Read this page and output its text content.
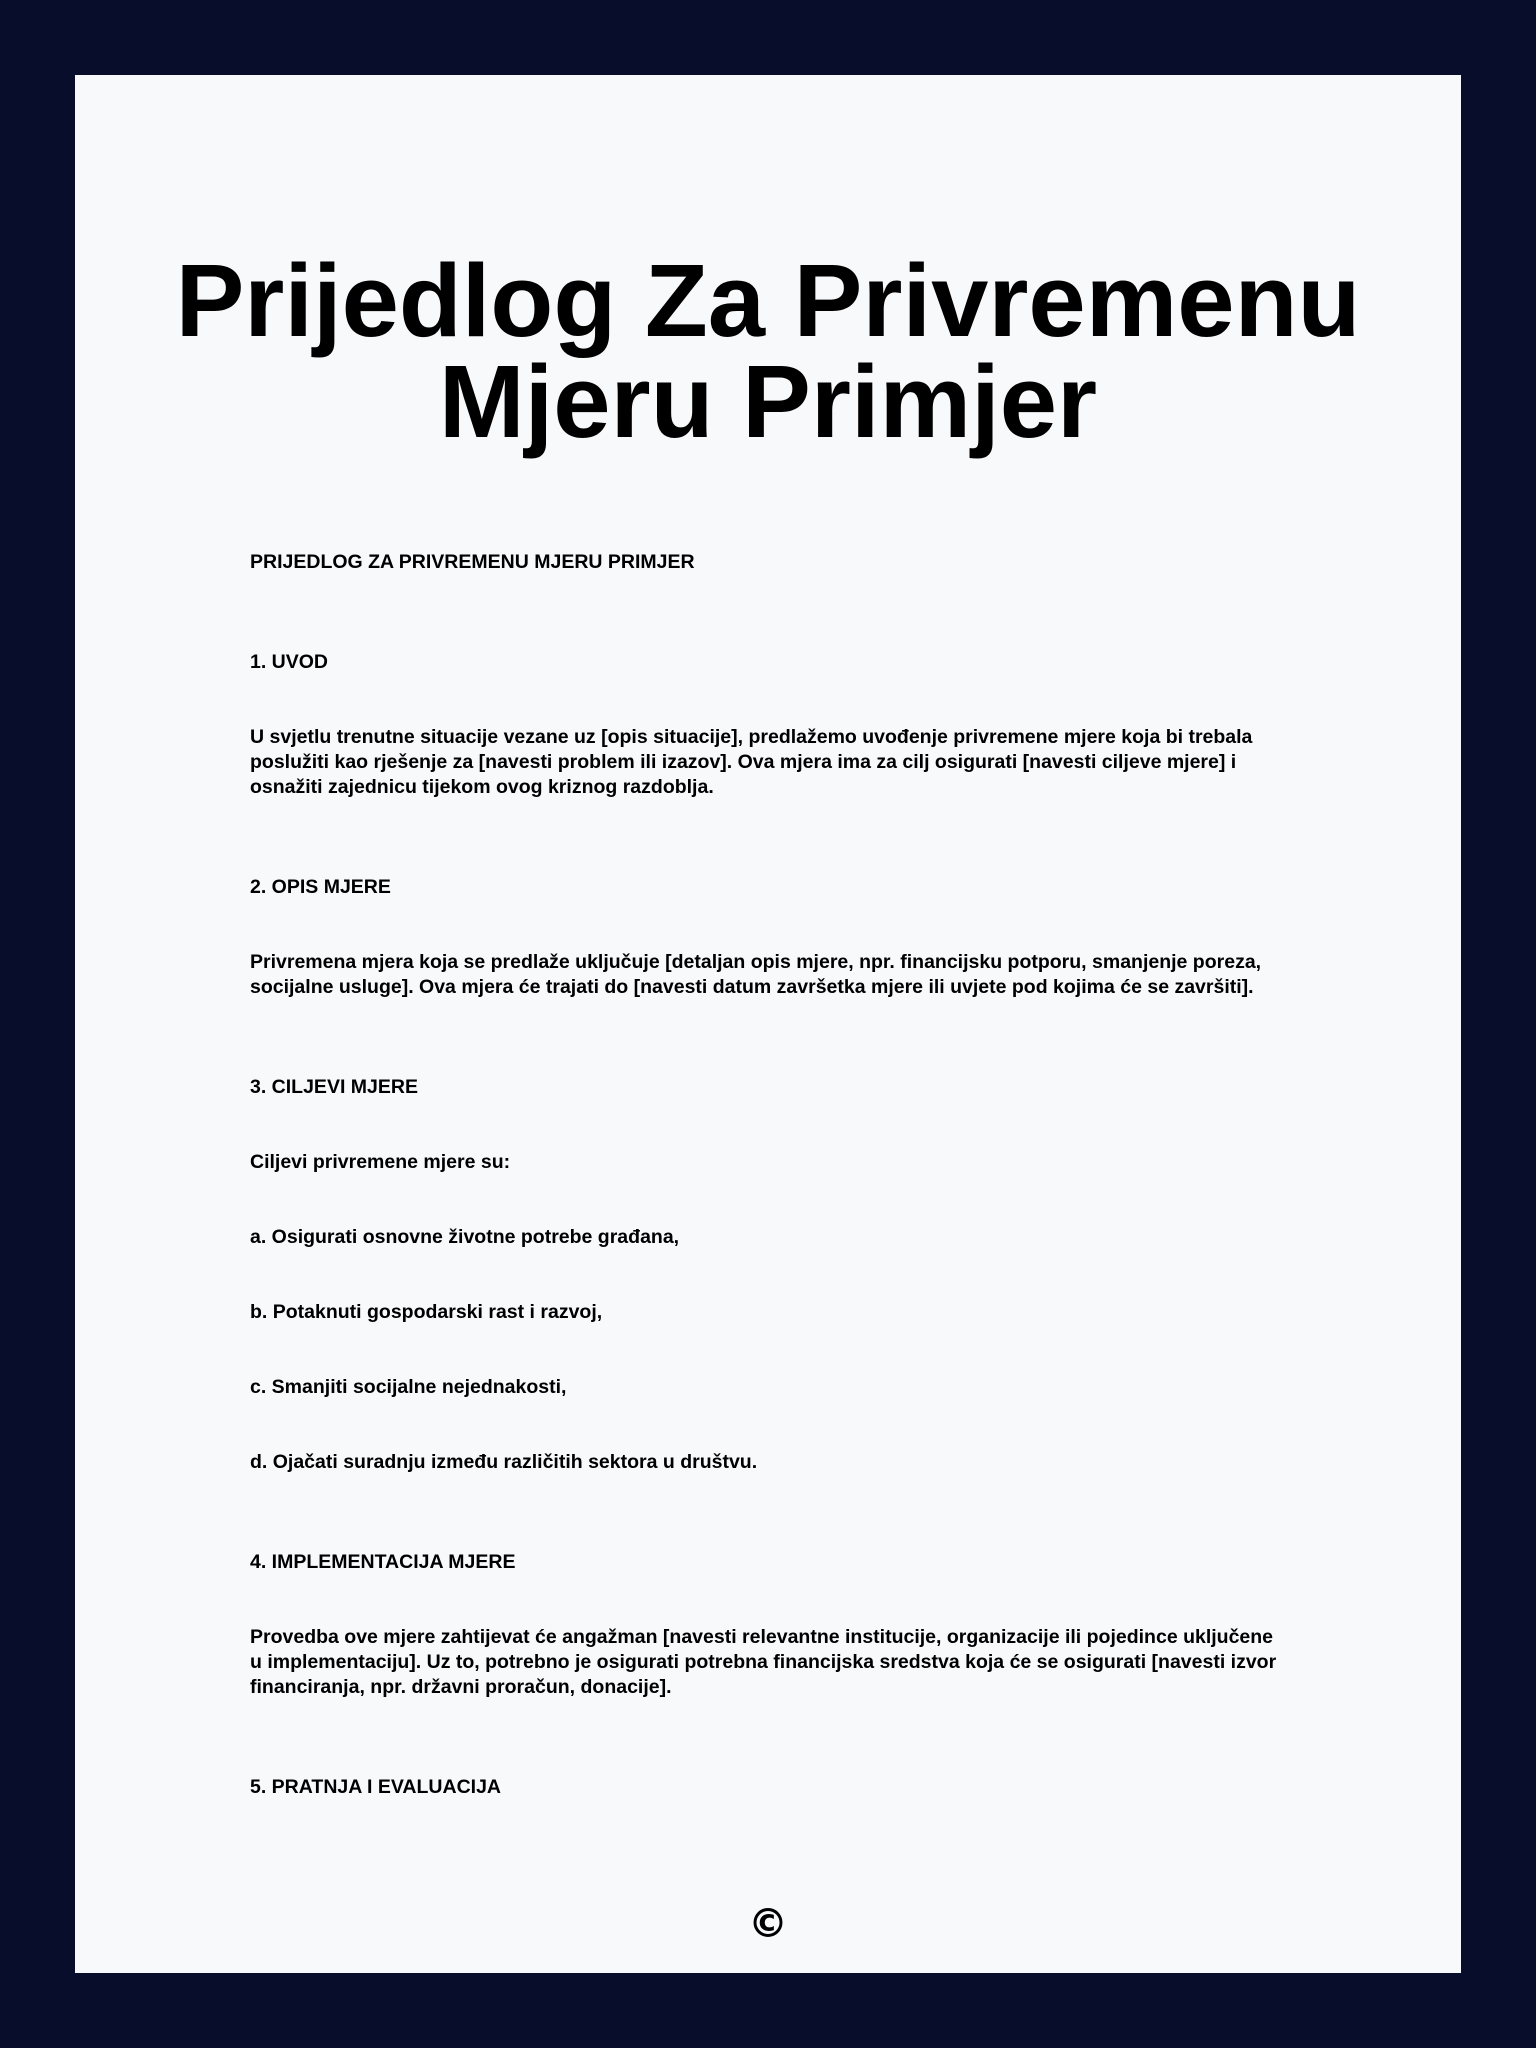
Prijedlog Za Privremenu Mjeru Primjer

PRIJEDLOG ZA PRIVREMENU MJERU PRIMJER

1. UVOD

U svjetlu trenutne situacije vezane uz [opis situacije], predlažemo uvođenje privremene mjere koja bi trebala poslužiti kao rješenje za [navesti problem ili izazov]. Ova mjera ima za cilj osigurati [navesti ciljeve mjere] i osnažiti zajednicu tijekom ovog kriznog razdoblja.

2. OPIS MJERE

Privremena mjera koja se predlaže uključuje [detaljan opis mjere, npr. financijsku potporu, smanjenje poreza, socijalne usluge]. Ova mjera će trajati do [navesti datum završetka mjere ili uvjete pod kojima će se završiti].

3. CILJEVI MJERE

Ciljevi privremene mjere su:

a. Osigurati osnovne životne potrebe građana,

b. Potaknuti gospodarski rast i razvoj,

c. Smanjiti socijalne nejednakosti,

d. Ojačati suradnju između različitih sektora u društvu.

4. IMPLEMENTACIJA MJERE

Provedba ove mjere zahtijevat će angažman [navesti relevantne institucije, organizacije ili pojedince uključene u implementaciju]. Uz to, potrebno je osigurati potrebna financijska sredstva koja će se osigurati [navesti izvor financiranja, npr. državni proračun, donacije].

5. PRATNJA I EVALUACIJA

©
